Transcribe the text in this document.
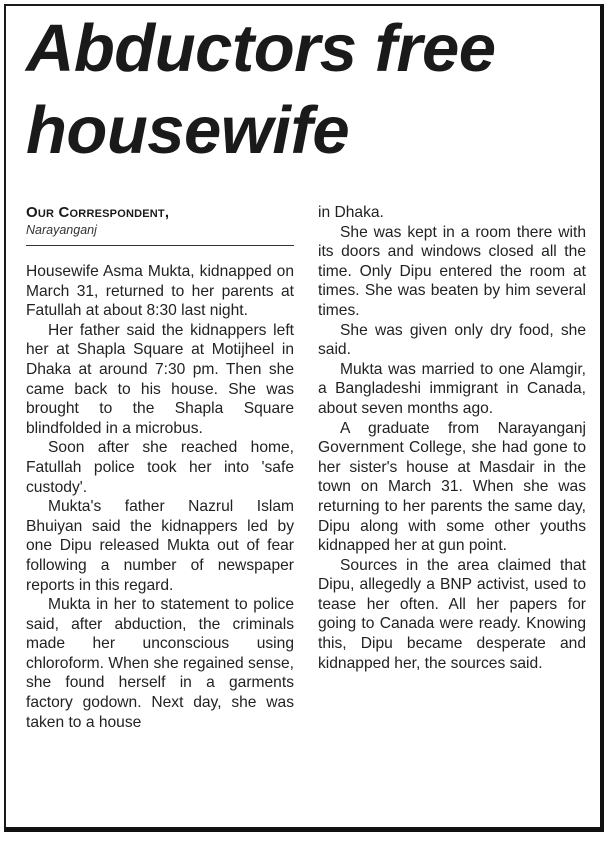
Abductors free
housewife
Our Correspondent,
Narayanganj

Housewife Asma Mukta, kidnapped on March 31, returned to her parents at Fatullah at about 8:30 last night.

Her father said the kidnappers left her at Shapla Square at Motijheel in Dhaka at around 7:30 pm. Then she came back to his house. She was brought to the Shapla Square blindfolded in a microbus.

Soon after she reached home, Fatullah police took her into 'safe custody'.

Mukta's father Nazrul Islam Bhuiyan said the kidnappers led by one Dipu released Mukta out of fear following a number of newspaper reports in this regard.

Mukta in her to statement to police said, after abduction, the criminals made her unconscious using chloroform. When she regained sense, she found herself in a garments factory godown. Next day, she was taken to a house

in Dhaka.

She was kept in a room there with its doors and windows closed all the time. Only Dipu entered the room at times. She was beaten by him several times.

She was given only dry food, she said.

Mukta was married to one Alamgir, a Bangladeshi immigrant in Canada, about seven months ago.

A graduate from Narayanganj Government College, she had gone to her sister's house at Masdair in the town on March 31. When she was returning to her parents the same day, Dipu along with some other youths kidnapped her at gun point.

Sources in the area claimed that Dipu, allegedly a BNP activist, used to tease her often. All her papers for going to Canada were ready. Knowing this, Dipu became desperate and kidnapped her, the sources said.
